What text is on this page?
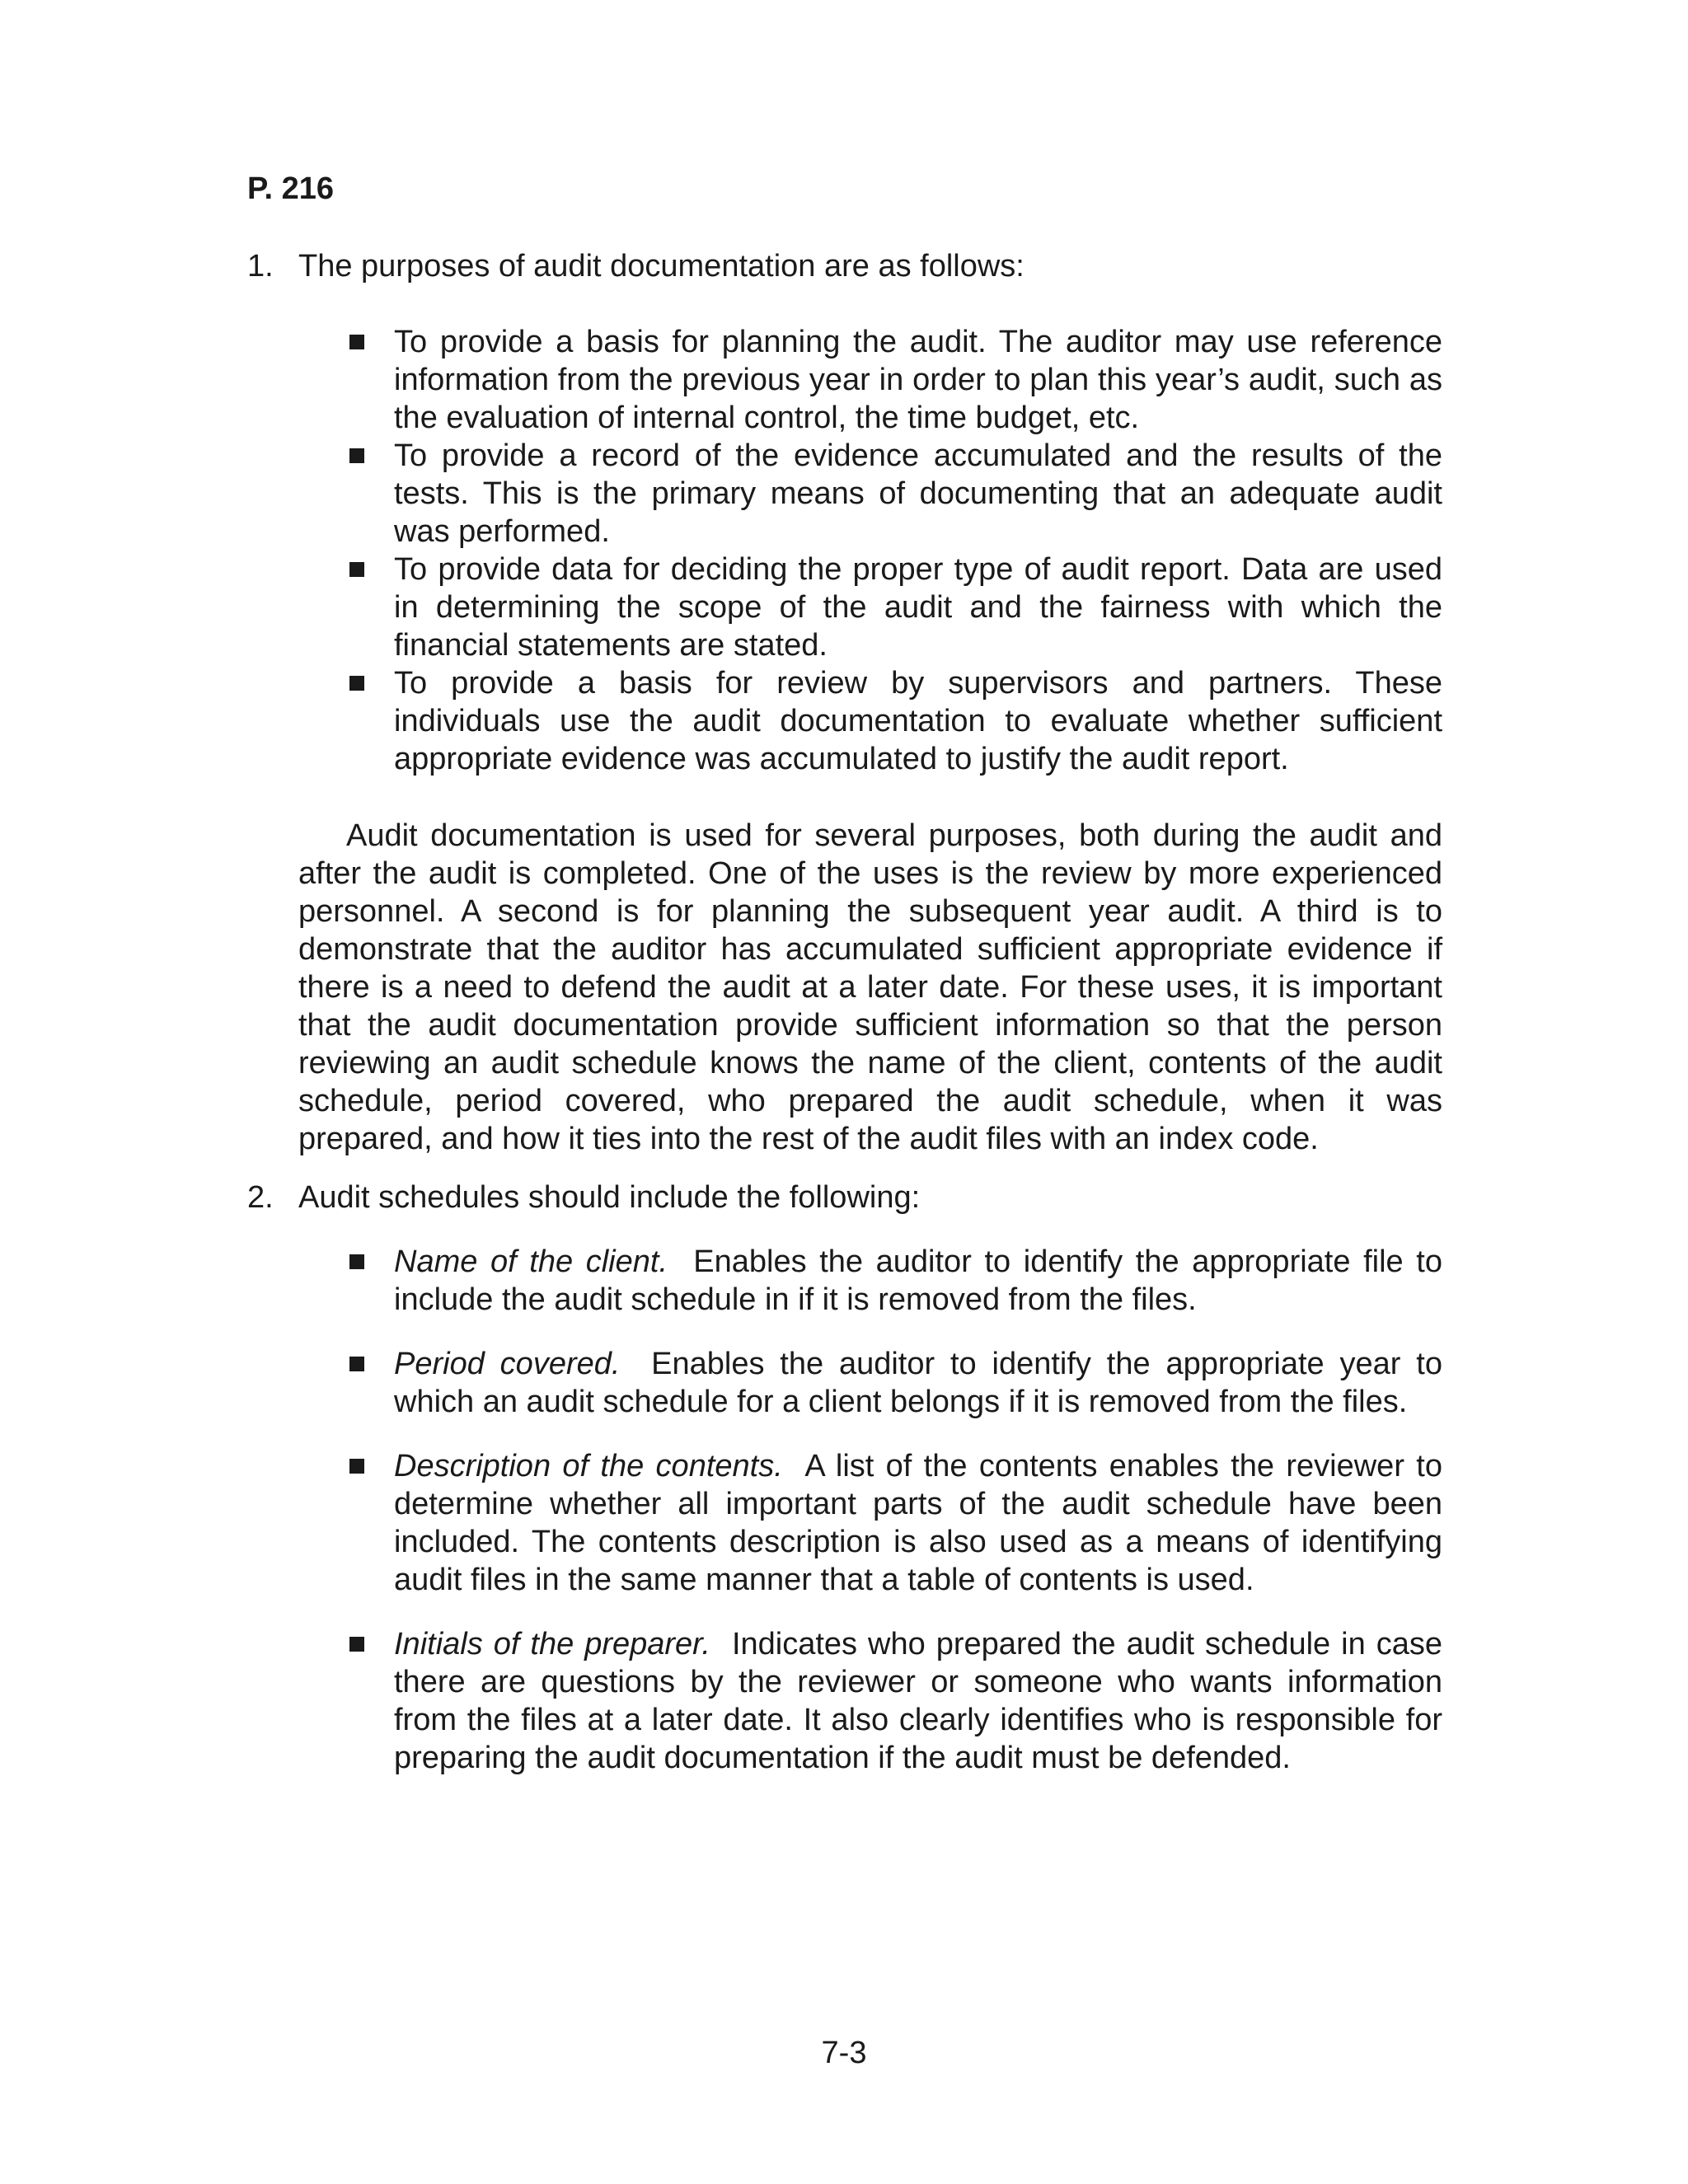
P. 216
1. The purposes of audit documentation are as follows:
To provide a basis for planning the audit. The auditor may use reference information from the previous year in order to plan this year’s audit, such as the evaluation of internal control, the time budget, etc.
To provide a record of the evidence accumulated and the results of the tests. This is the primary means of documenting that an adequate audit was performed.
To provide data for deciding the proper type of audit report. Data are used in determining the scope of the audit and the fairness with which the financial statements are stated.
To provide a basis for review by supervisors and partners. These individuals use the audit documentation to evaluate whether sufficient appropriate evidence was accumulated to justify the audit report.

Audit documentation is used for several purposes, both during the audit and after the audit is completed. One of the uses is the review by more experienced personnel. A second is for planning the subsequent year audit. A third is to demonstrate that the auditor has accumulated sufficient appropriate evidence if there is a need to defend the audit at a later date. For these uses, it is important that the audit documentation provide sufficient information so that the person reviewing an audit schedule knows the name of the client, contents of the audit schedule, period covered, who prepared the audit schedule, when it was prepared, and how it ties into the rest of the audit files with an index code.

2. Audit schedules should include the following:
Name of the client. Enables the auditor to identify the appropriate file to include the audit schedule in if it is removed from the files.
Period covered. Enables the auditor to identify the appropriate year to which an audit schedule for a client belongs if it is removed from the files.
Description of the contents. A list of the contents enables the reviewer to determine whether all important parts of the audit schedule have been included. The contents description is also used as a means of identifying audit files in the same manner that a table of contents is used.
Initials of the preparer. Indicates who prepared the audit schedule in case there are questions by the reviewer or someone who wants information from the files at a later date. It also clearly identifies who is responsible for preparing the audit documentation if the audit must be defended.
7-3
